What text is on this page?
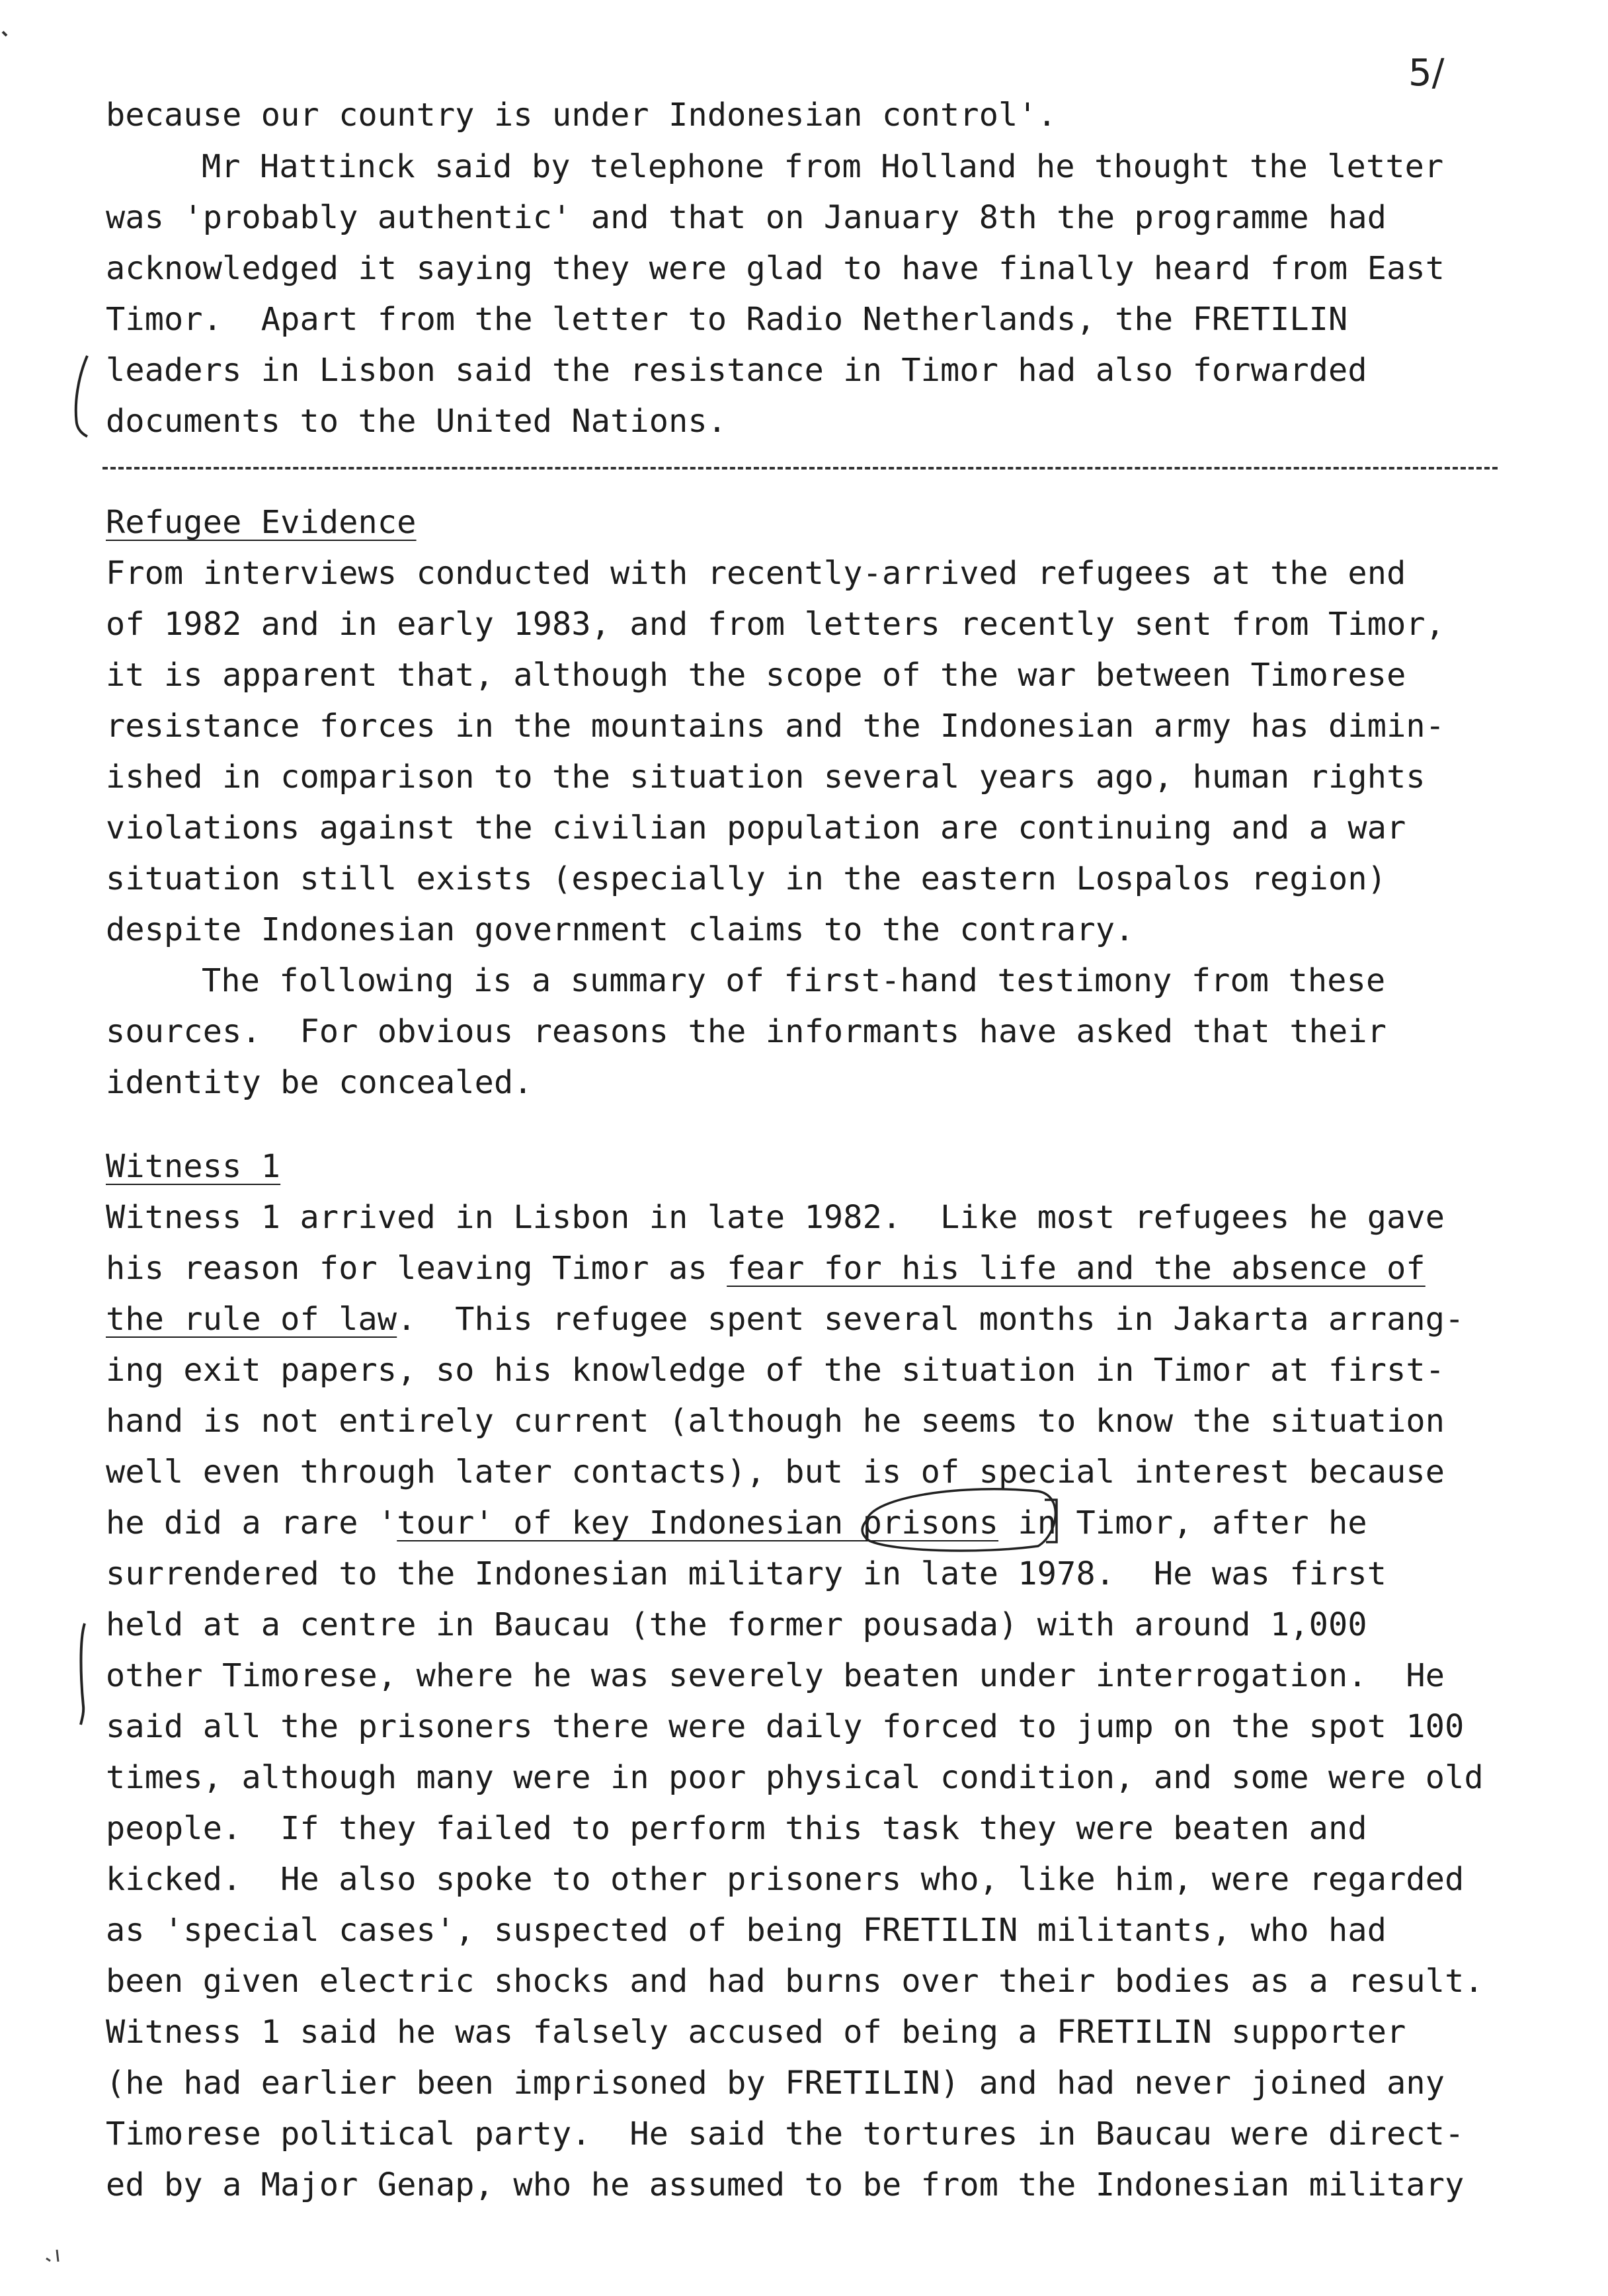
5/
because our country is under Indonesian control'.
Mr Hattinck said by telephone from Holland he thought the letter
was 'probably authentic' and that on January 8th the programme had
acknowledged it saying they were glad to have finally heard from East
Timor.  Apart from the letter to Radio Netherlands, the FRETILIN
leaders in Lisbon said the resistance in Timor had also forwarded
documents to the United Nations.
Refugee Evidence
From interviews conducted with recently-arrived refugees at the end
of 1982 and in early 1983, and from letters recently sent from Timor,
it is apparent that, although the scope of the war between Timorese
resistance forces in the mountains and the Indonesian army has dimin-
ished in comparison to the situation several years ago, human rights
violations against the civilian population are continuing and a war
situation still exists (especially in the eastern Lospalos region)
despite Indonesian government claims to the contrary.
The following is a summary of first-hand testimony from these
sources.  For obvious reasons the informants have asked that their
identity be concealed.
Witness 1
Witness 1 arrived in Lisbon in late 1982.  Like most refugees he gave
his reason for leaving Timor as fear for his life and the absence of
the rule of law.  This refugee spent several months in Jakarta arrang-
ing exit papers, so his knowledge of the situation in Timor at first-
hand is not entirely current (although he seems to know the situation
well even through later contacts), but is of special interest because
he did a rare 'tour' of key Indonesian prisons in Timor, after he
surrendered to the Indonesian military in late 1978.  He was first
held at a centre in Baucau (the former pousada) with around 1,000
other Timorese, where he was severely beaten under interrogation.  He
said all the prisoners there were daily forced to jump on the spot 100
times, although many were in poor physical condition, and some were old
people.  If they failed to perform this task they were beaten and
kicked.  He also spoke to other prisoners who, like him, were regarded
as 'special cases', suspected of being FRETILIN militants, who had
been given electric shocks and had burns over their bodies as a result.
Witness 1 said he was falsely accused of being a FRETILIN supporter
(he had earlier been imprisoned by FRETILIN) and had never joined any
Timorese political party.  He said the tortures in Baucau were direct-
ed by a Major Genap, who he assumed to be from the Indonesian military
